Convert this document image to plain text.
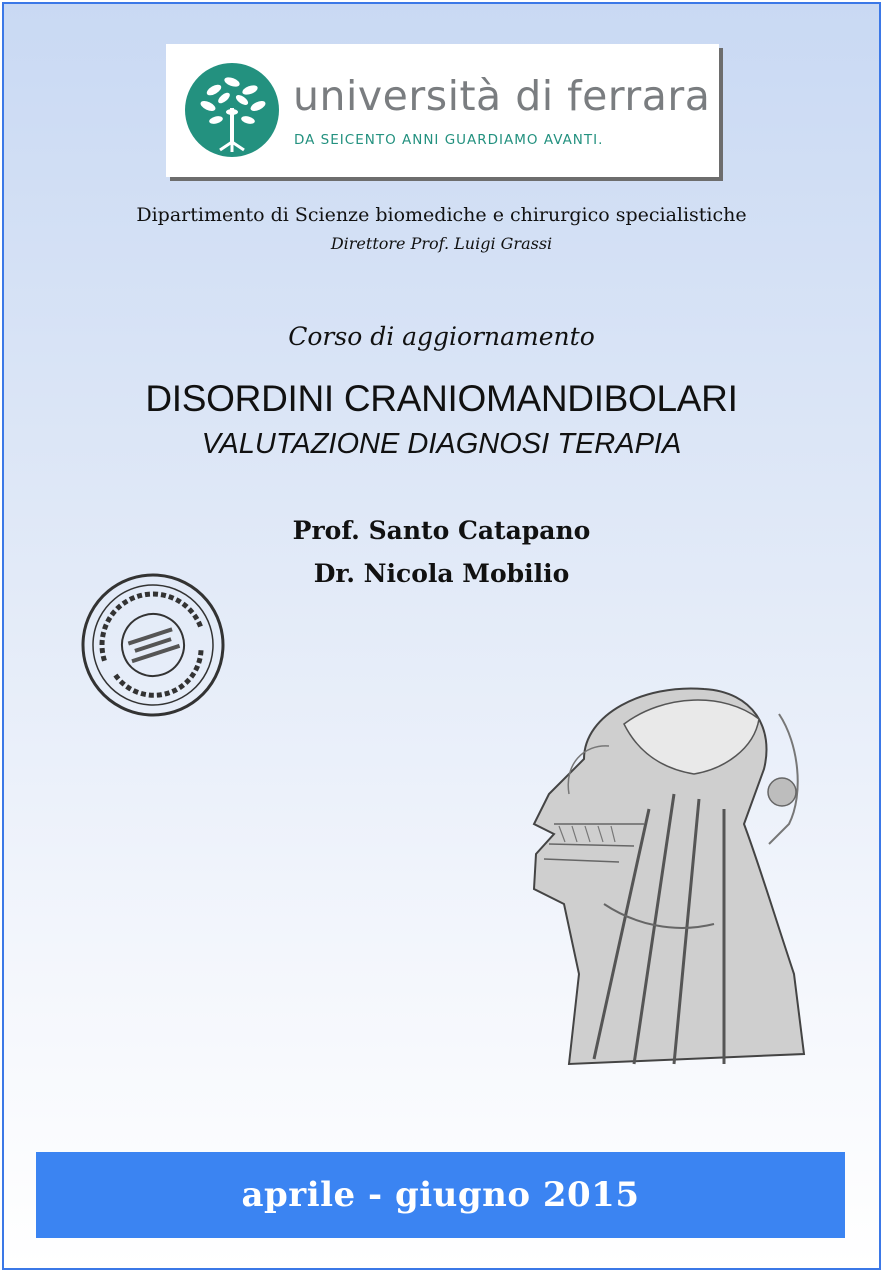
università di ferrara
DA SEICENTO ANNI GUARDIAMO AVANTI.
Dipartimento di Scienze biomediche e chirurgico specialistiche
Direttore Prof. Luigi Grassi
Corso di aggiornamento
DISORDINI CRANIOMANDIBOLARI
VALUTAZIONE DIAGNOSI TERAPIA
Prof. Santo Catapano
Dr. Nicola Mobilio
aprile - giugno 2015
